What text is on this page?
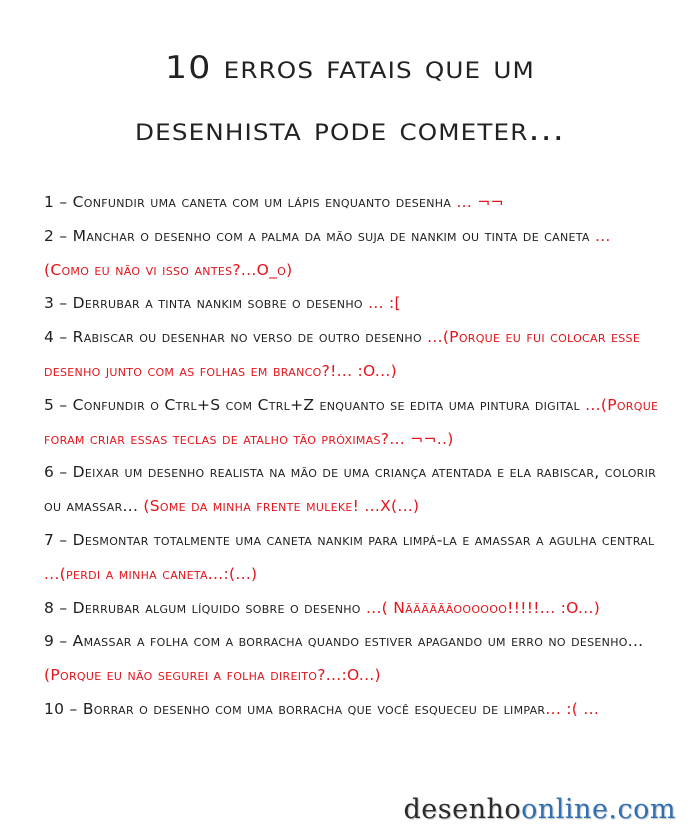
10 erros fatais que um
desenhista pode cometer...

1 – Confundir uma caneta com um lápis enquanto desenha ... ¬¬

2 – Manchar o desenho com a palma da mão suja de nankim ou tinta de caneta ... (Como eu não vi isso antes?...O_o)

3 – Derrubar a tinta nankim sobre o desenho ... :[

4 – Rabiscar ou desenhar no verso de outro desenho ...(Porque eu fui colocar esse desenho junto com as folhas em branco?!... :O...)

5 – Confundir o Ctrl+S com Ctrl+Z enquanto se edita uma pintura digital ...(Porque foram criar essas teclas de atalho tão próximas?... ¬¬..)

6 – Deixar um desenho realista na mão de uma criança atentada e ela rabiscar, colorir ou amassar... (Some da minha frente muleke! ...X(...)

7 – Desmontar totalmente uma caneta nankim para limpá-la e amassar a agulha central ...(perdi a minha caneta...:(...)

8 – Derrubar algum líquido sobre o desenho ...( Nããããããoooooo!!!!!... :O...)

9 – Amassar a folha com a borracha quando estiver apagando um erro no desenho... (Porque eu não segurei a folha direito?...:O...)

10 – Borrar o desenho com uma borracha que você esqueceu de limpar... :( ...

desenhoonline.com
